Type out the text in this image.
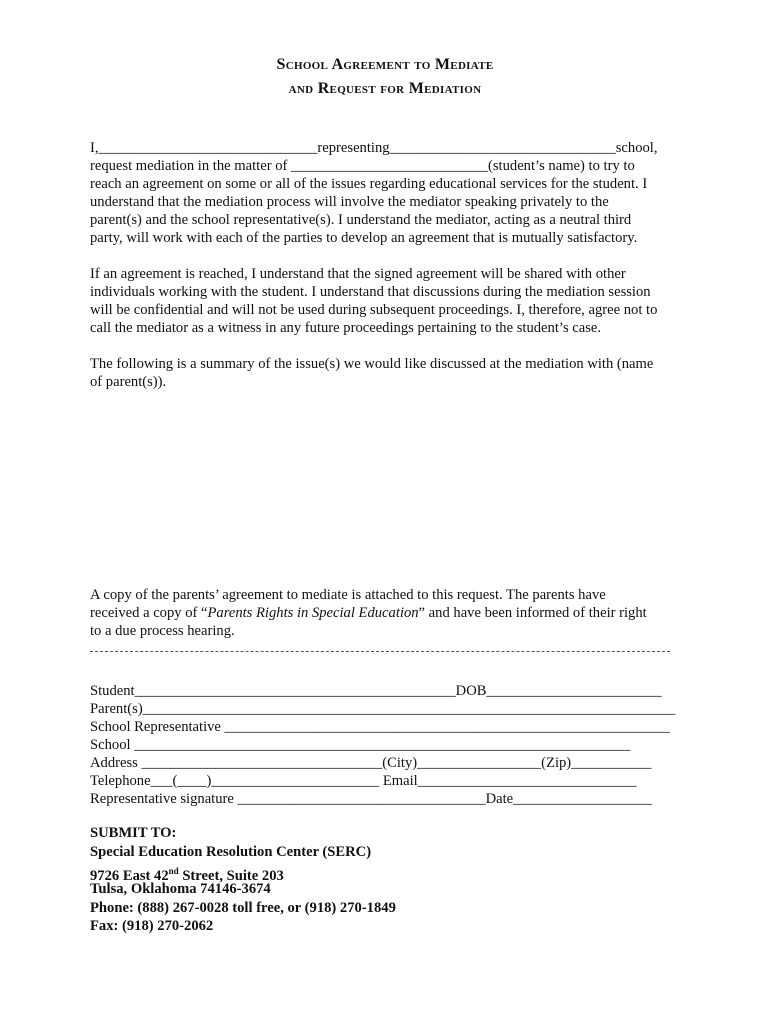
School Agreement to Mediate
and Request for Mediation
I,______________________________representing_______________________________school,
request mediation in the matter of ___________________________(student’s name) to try to
reach an agreement on some or all of the issues regarding educational services for the student. I
understand that the mediation process will involve the mediator speaking privately to the
parent(s) and the school representative(s). I understand the mediator, acting as a neutral third
party, will work with each of the parties to develop an agreement that is mutually satisfactory.
If an agreement is reached, I understand that the signed agreement will be shared with other
individuals working with the student. I understand that discussions during the mediation session
will be confidential and will not be used during subsequent proceedings. I, therefore, agree not to
call the mediator as a witness in any future proceedings pertaining to the student’s case.
The following is a summary of the issue(s) we would like discussed at the mediation with (name
of parent(s)).
A copy of the parents’ agreement to mediate is attached to this request. The parents have
received a copy of “Parents Rights in Special Education” and have been informed of their right
to a due process hearing.
Student____________________________________________DOB________________________
Parent(s)_________________________________________________________________________
School Representative _____________________________________________________________
School ____________________________________________________________________
Address _________________________________(City)_________________(Zip)___________
Telephone___(____)_______________________ Email______________________________
Representative signature __________________________________Date___________________
SUBMIT TO:
Special Education Resolution Center (SERC)
9726 East 42nd Street, Suite 203
Tulsa, Oklahoma 74146-3674
Phone: (888) 267-0028 toll free, or (918) 270-1849
Fax: (918) 270-2062
